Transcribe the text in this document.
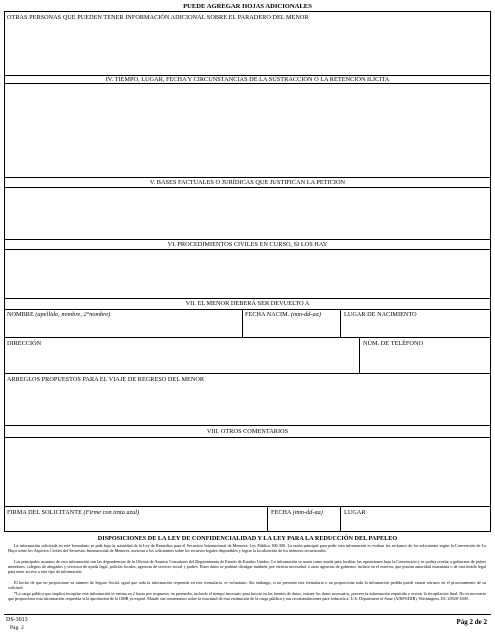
PUEDE AGREGAR HOJAS ADICIONALES
OTRAS PERSONAS QUE PUEDEN TENER INFORMACIÓN ADICIONAL SOBRE EL PARADERO DEL MENOR
IV. TIEMPO, LUGAR, FECHA Y CIRCUNSTANCIAS DE LA SUSTRACCIÓN O LA RETENCIÓN ILÍCITA
V. BASES FACTUALES O JURÍDICAS QUE JUSTIFICAN LA PETICIÓN
VI. PROCEDIMIENTOS CIVILES EN CURSO, SI LOS HAY
VII. EL MENOR DEBERÁ SER DEVUELTO A
NOMBRE (apellido, nombre, 2°nombre)	FECHA NACIM. (mm-dd-aa)	LUGAR DE NACIMIENTO
DIRECCIÓN	NÚM. DE TELÉFONO
ARREGLOS PROPUESTOS PARA EL VIAJE DE REGRESO DEL MENOR
VIII. OTROS COMENTARIOS
FIRMA DEL SOLICITANTE (Firme con tinta azul)	FECHA (mm-dd-aa)	LUGAR
DISPOSICIONES DE LA LEY DE CONFIDENCIALIDAD Y LA LEY PARA LA REDUCCIÓN DEL PAPELEO
La información solicitada en este formulario se pide bajo la autoridad de la Ley de Remedios para el Secuestro Internacional de Menores, Ley Pública 100-300. La razón principal para pedir esta información es evaluar los reclamos de los solicitantes según la Convención de La Haya sobre los Aspectos Civiles del Secuestro Internacional de Menores, asesorar a los solicitantes sobre los recursos legales disponibles y lograr la localización de los menores secuestrados.
Los principales usuarios de esta información son las dependencias de la Oficina de Asuntos Consulares del Departamento de Estado de Estados Unidos. La información se usará como ayuda para facilitar las operaciones bajo la Convención y se podría revelar a gobiernos de países miembros, colegios de abogados y servicios de ayuda legal, policías locales, agencias de servicio social y padres. Estos datos se podrían divulgar también, por estricta necesidad, a otras agencias de gobierno, incluso en el exterior, que posean autoridad estatutaria o de otra índole legal para tener acceso a este tipo de información.
El hecho de que no proporcione su número de Seguro Social, igual que toda la información requerida en este formulario, es voluntario. Sin embargo, si no presenta este formulario o no proporciona toda la información pedida puede causar retrasos en el procesamiento de su solicitud.
*La carga pública que implica recopilar esta información se estima en 2 horas por respuesta, en promedio, incluido el tiempo necesario para buscar en las fuentes de datos, extraer los datos necesarios, proveer la información requerida y revisar la recopilación final. No es necesario que proporcione esta información requerida si la aprobación de la OMB ya expiró. Mande sus comentarios sobre la exactitud de esta estimación de la carga pública y sus recomendaciones para reducirla a: U.S. Department of State (A/RPS/DIR), Washington, DC 20520-1849.
DS-3013
Pág. 2
Pág 2 de 2
